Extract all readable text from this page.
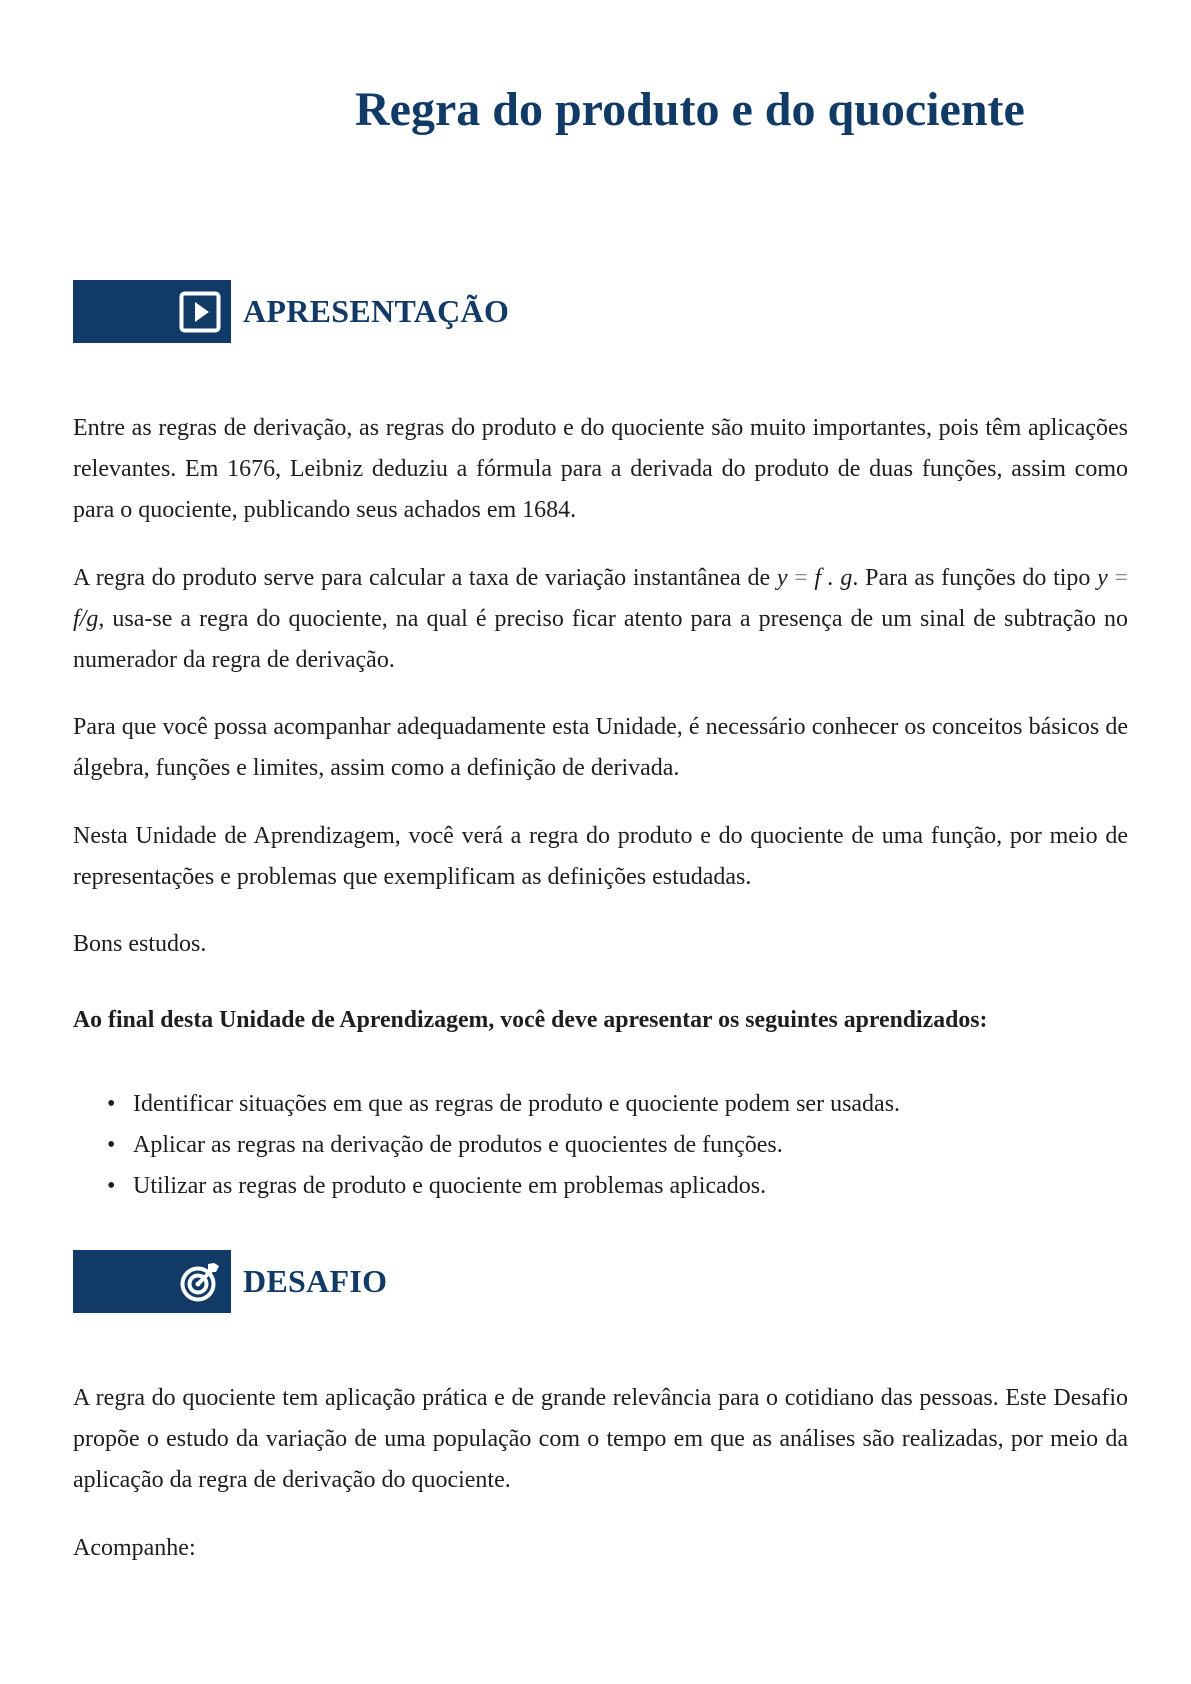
Regra do produto e do quociente
APRESENTAÇÃO

Entre as regras de derivação, as regras do produto e do quociente são muito importantes, pois têm aplicações relevantes. Em 1676, Leibniz deduziu a fórmula para a derivada do produto de duas funções, assim como para o quociente, publicando seus achados em 1684.

A regra do produto serve para calcular a taxa de variação instantânea de y = f . g. Para as funções do tipo y = f/g, usa-se a regra do quociente, na qual é preciso ficar atento para a presença de um sinal de subtração no numerador da regra de derivação.

Para que você possa acompanhar adequadamente esta Unidade, é necessário conhecer os conceitos básicos de álgebra, funções e limites, assim como a definição de derivada.

Nesta Unidade de Aprendizagem, você verá a regra do produto e do quociente de uma função, por meio de representações e problemas que exemplificam as definições estudadas.

Bons estudos.

Ao final desta Unidade de Aprendizagem, você deve apresentar os seguintes aprendizados:

• Identificar situações em que as regras de produto e quociente podem ser usadas.
• Aplicar as regras na derivação de produtos e quocientes de funções.
• Utilizar as regras de produto e quociente em problemas aplicados.
DESAFIO

A regra do quociente tem aplicação prática e de grande relevância para o cotidiano das pessoas. Este Desafio propõe o estudo da variação de uma população com o tempo em que as análises são realizadas, por meio da aplicação da regra de derivação do quociente.

Acompanhe:
